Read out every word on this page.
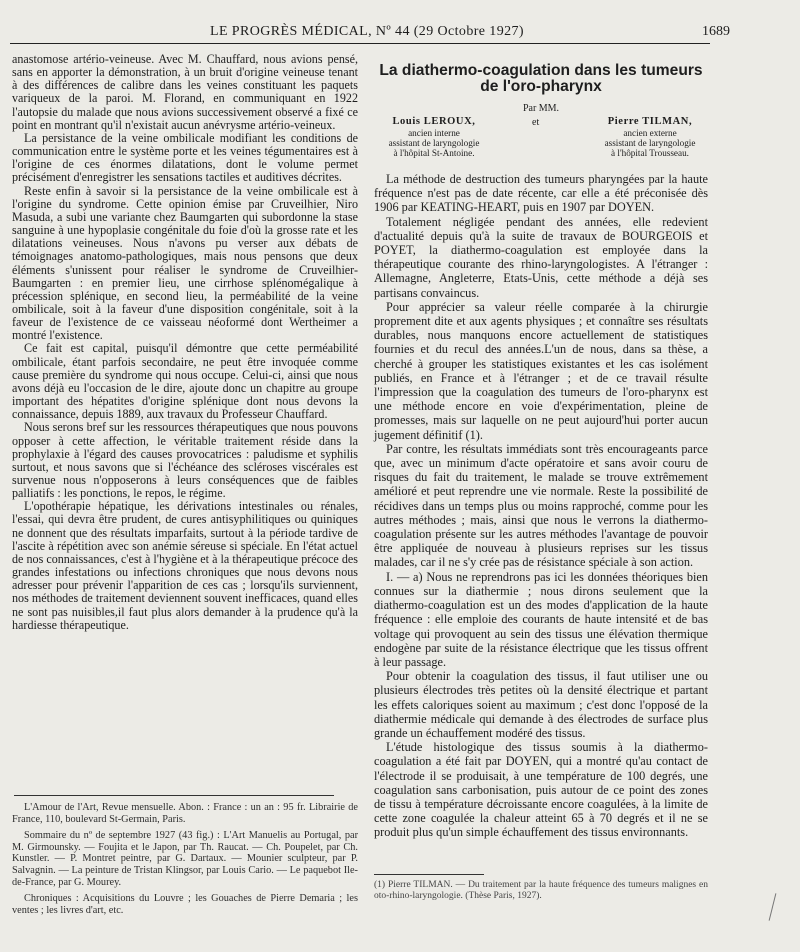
LE PROGRÈS MÉDICAL, Nº 44 (29 Octobre 1927)	1689

anastomose artério-veineuse. Avec M. Chauffard, nous avions pensé, sans en apporter la démonstration, à un bruit d'origine veineuse tenant à des différences de calibre dans les veines constituant les paquets variqueux de la paroi. M. Florand, en communiquant en 1922 l'autopsie du malade que nous avions successivement observé a fixé ce point en montrant qu'il n'existait aucun anévrysme artério-veineux.

La persistance de la veine ombilicale modifiant les conditions de communication entre le système porte et les veines tégumentaires est à l'origine de ces énormes dilatations, dont le volume permet précisément d'enregistrer les sensations tactiles et auditives décrites.

Reste enfin à savoir si la persistance de la veine ombilicale est à l'origine du syndrome. Cette opinion émise par Cruveilhier, Niro Masuda, a subi une variante chez Baumgarten qui subordonne la stase sanguine à une hypoplasie congénitale du foie d'où la grosse rate et les dilatations veineuses. Nous n'avons pu verser aux débats de témoignages anatomo-pathologiques, mais nous pensons que deux éléments s'unissent pour réaliser le syndrome de Cruveilhier-Baumgarten : en premier lieu, une cirrhose splénomégalique à précession splénique, en second lieu, la perméabilité de la veine ombilicale, soit à la faveur d'une disposition congénitale, soit à la faveur de l'existence de ce vaisseau néoformé dont Wertheimer a montré l'existence.

Ce fait est capital, puisqu'il démontre que cette perméabilité ombilicale, étant parfois secondaire, ne peut être invoquée comme cause première du syndrome qui nous occupe. Celui-ci, ainsi que nous avons déjà eu l'occasion de le dire, ajoute donc un chapitre au groupe important des hépatites d'origine splénique dont nous devons la connaissance, depuis 1889, aux travaux du Professeur Chauffard.

Nous serons bref sur les ressources thérapeutiques que nous pouvons opposer à cette affection, le véritable traitement réside dans la prophylaxie à l'égard des causes provocatrices : paludisme et syphilis surtout, et nous savons que si l'échéance des scléroses viscérales est survenue nous n'opposerons à leurs conséquences que de faibles palliatifs : les ponctions, le repos, le régime.

L'opothérapie hépatique, les dérivations intestinales ou rénales, l'essai, qui devra être prudent, de cures antisyphilitiques ou quiniques ne donnent que des résultats imparfaits, surtout à la période tardive de l'ascite à répétition avec son anémie séreuse si spéciale. En l'état actuel de nos connaissances, c'est à l'hygiène et à la thérapeutique précoce des grandes infestations ou infections chroniques que nous devons nous adresser pour prévenir l'apparition de ces cas ; lorsqu'ils surviennent, nos méthodes de traitement deviennent souvent inefficaces, quand elles ne sont pas nuisibles,il faut plus alors demander à la prudence qu'à la hardiesse thérapeutique.

L'Amour de l'Art, Revue mensuelle. Abon. : France : un an : 95 fr. Librairie de France, 110, boulevard St-Germain, Paris.

Sommaire du nº de septembre 1927 (43 fig.) : L'Art Manuelis au Portugal, par M. Girmounsky. — Foujita et le Japon, par Th. Raucat. — Ch. Poupelet, par Ch. Kunstler. — P. Montret peintre, par G. Dartaux. — Mounier sculpteur, par P. Salvagnin. — La peinture de Tristan Klingsor, par Louis Cario. — Le paquebot Ile-de-France, par G. Mourey.

Chroniques : Acquisitions du Louvre ; les Gouaches de Pierre Demaria ; les ventes ; les livres d'art, etc.

La diathermo-coagulation dans les tumeurs de l'oro-pharynx
Par MM.
Louis LEROUX,
ancien interne
assistant de laryngologie
à l'hôpital St-Antoine.
et	Pierre TILMAN,
ancien externe
assistant de laryngologie
à l'hôpital Trousseau.

La méthode de destruction des tumeurs pharyngées par la haute fréquence n'est pas de date récente, car elle a été préconisée dès 1906 par KEATING-HEART, puis en 1907 par DOYEN.

Totalement négligée pendant des années, elle redevient d'actualité depuis qu'à la suite de travaux de BOURGEOIS et POYET, la diathermo-coagulation est employée dans la thérapeutique courante des rhino-laryngologistes. A l'étranger : Allemagne, Angleterre, Etats-Unis, cette méthode a déjà ses partisans convaincus.

Pour apprécier sa valeur réelle comparée à la chirurgie proprement dite et aux agents physiques ; et connaître ses résultats durables, nous manquons encore actuellement de statistiques fournies et du recul des années.L'un de nous, dans sa thèse, a cherché à grouper les statistiques existantes et les cas isolément publiés, en France et à l'étranger ; et de ce travail résulte l'impression que la coagulation des tumeurs de l'oro-pharynx est une méthode encore en voie d'expérimentation, pleine de promesses, mais sur laquelle on ne peut aujourd'hui porter aucun jugement définitif (1).

Par contre, les résultats immédiats sont très encourageants parce que, avec un minimum d'acte opératoire et sans avoir couru de risques du fait du traitement, le malade se trouve extrêmement amélioré et peut reprendre une vie normale. Reste la possibilité de récidives dans un temps plus ou moins rapproché, comme pour les autres méthodes ; mais, ainsi que nous le verrons la diathermo-coagulation présente sur les autres méthodes l'avantage de pouvoir être appliquée de nouveau à plusieurs reprises sur les tissus malades, car il ne s'y crée pas de résistance spéciale à son action.

I. — a) Nous ne reprendrons pas ici les données théoriques bien connues sur la diathermie ; nous dirons seulement que la diathermo-coagulation est un des modes d'application de la haute fréquence : elle emploie des courants de haute intensité et de bas voltage qui provoquent au sein des tissus une élévation thermique endogène par suite de la résistance électrique que les tissus offrent à leur passage.

Pour obtenir la coagulation des tissus, il faut utiliser une ou plusieurs électrodes très petites où la densité électrique et partant les effets caloriques soient au maximum ; c'est donc l'opposé de la diathermie médicale qui demande à des électrodes de surface plus grande un échauffement modéré des tissus.

L'étude histologique des tissus soumis à la diathermo-coagulation a été fait par DOYEN, qui a montré qu'au contact de l'électrode il se produisait, à une température de 100 degrés, une coagulation sans carbonisation, puis autour de ce point des zones de tissu à température décroissante encore coagulées, à la limite de cette zone coagulée la chaleur atteint 65 à 70 degrés et il ne se produit plus qu'un simple échauffement des tissus environnants.

(1) Pierre TILMAN. — Du traitement par la haute fréquence des tumeurs malignes en oto-rhino-laryngologie. (Thèse Paris, 1927).
